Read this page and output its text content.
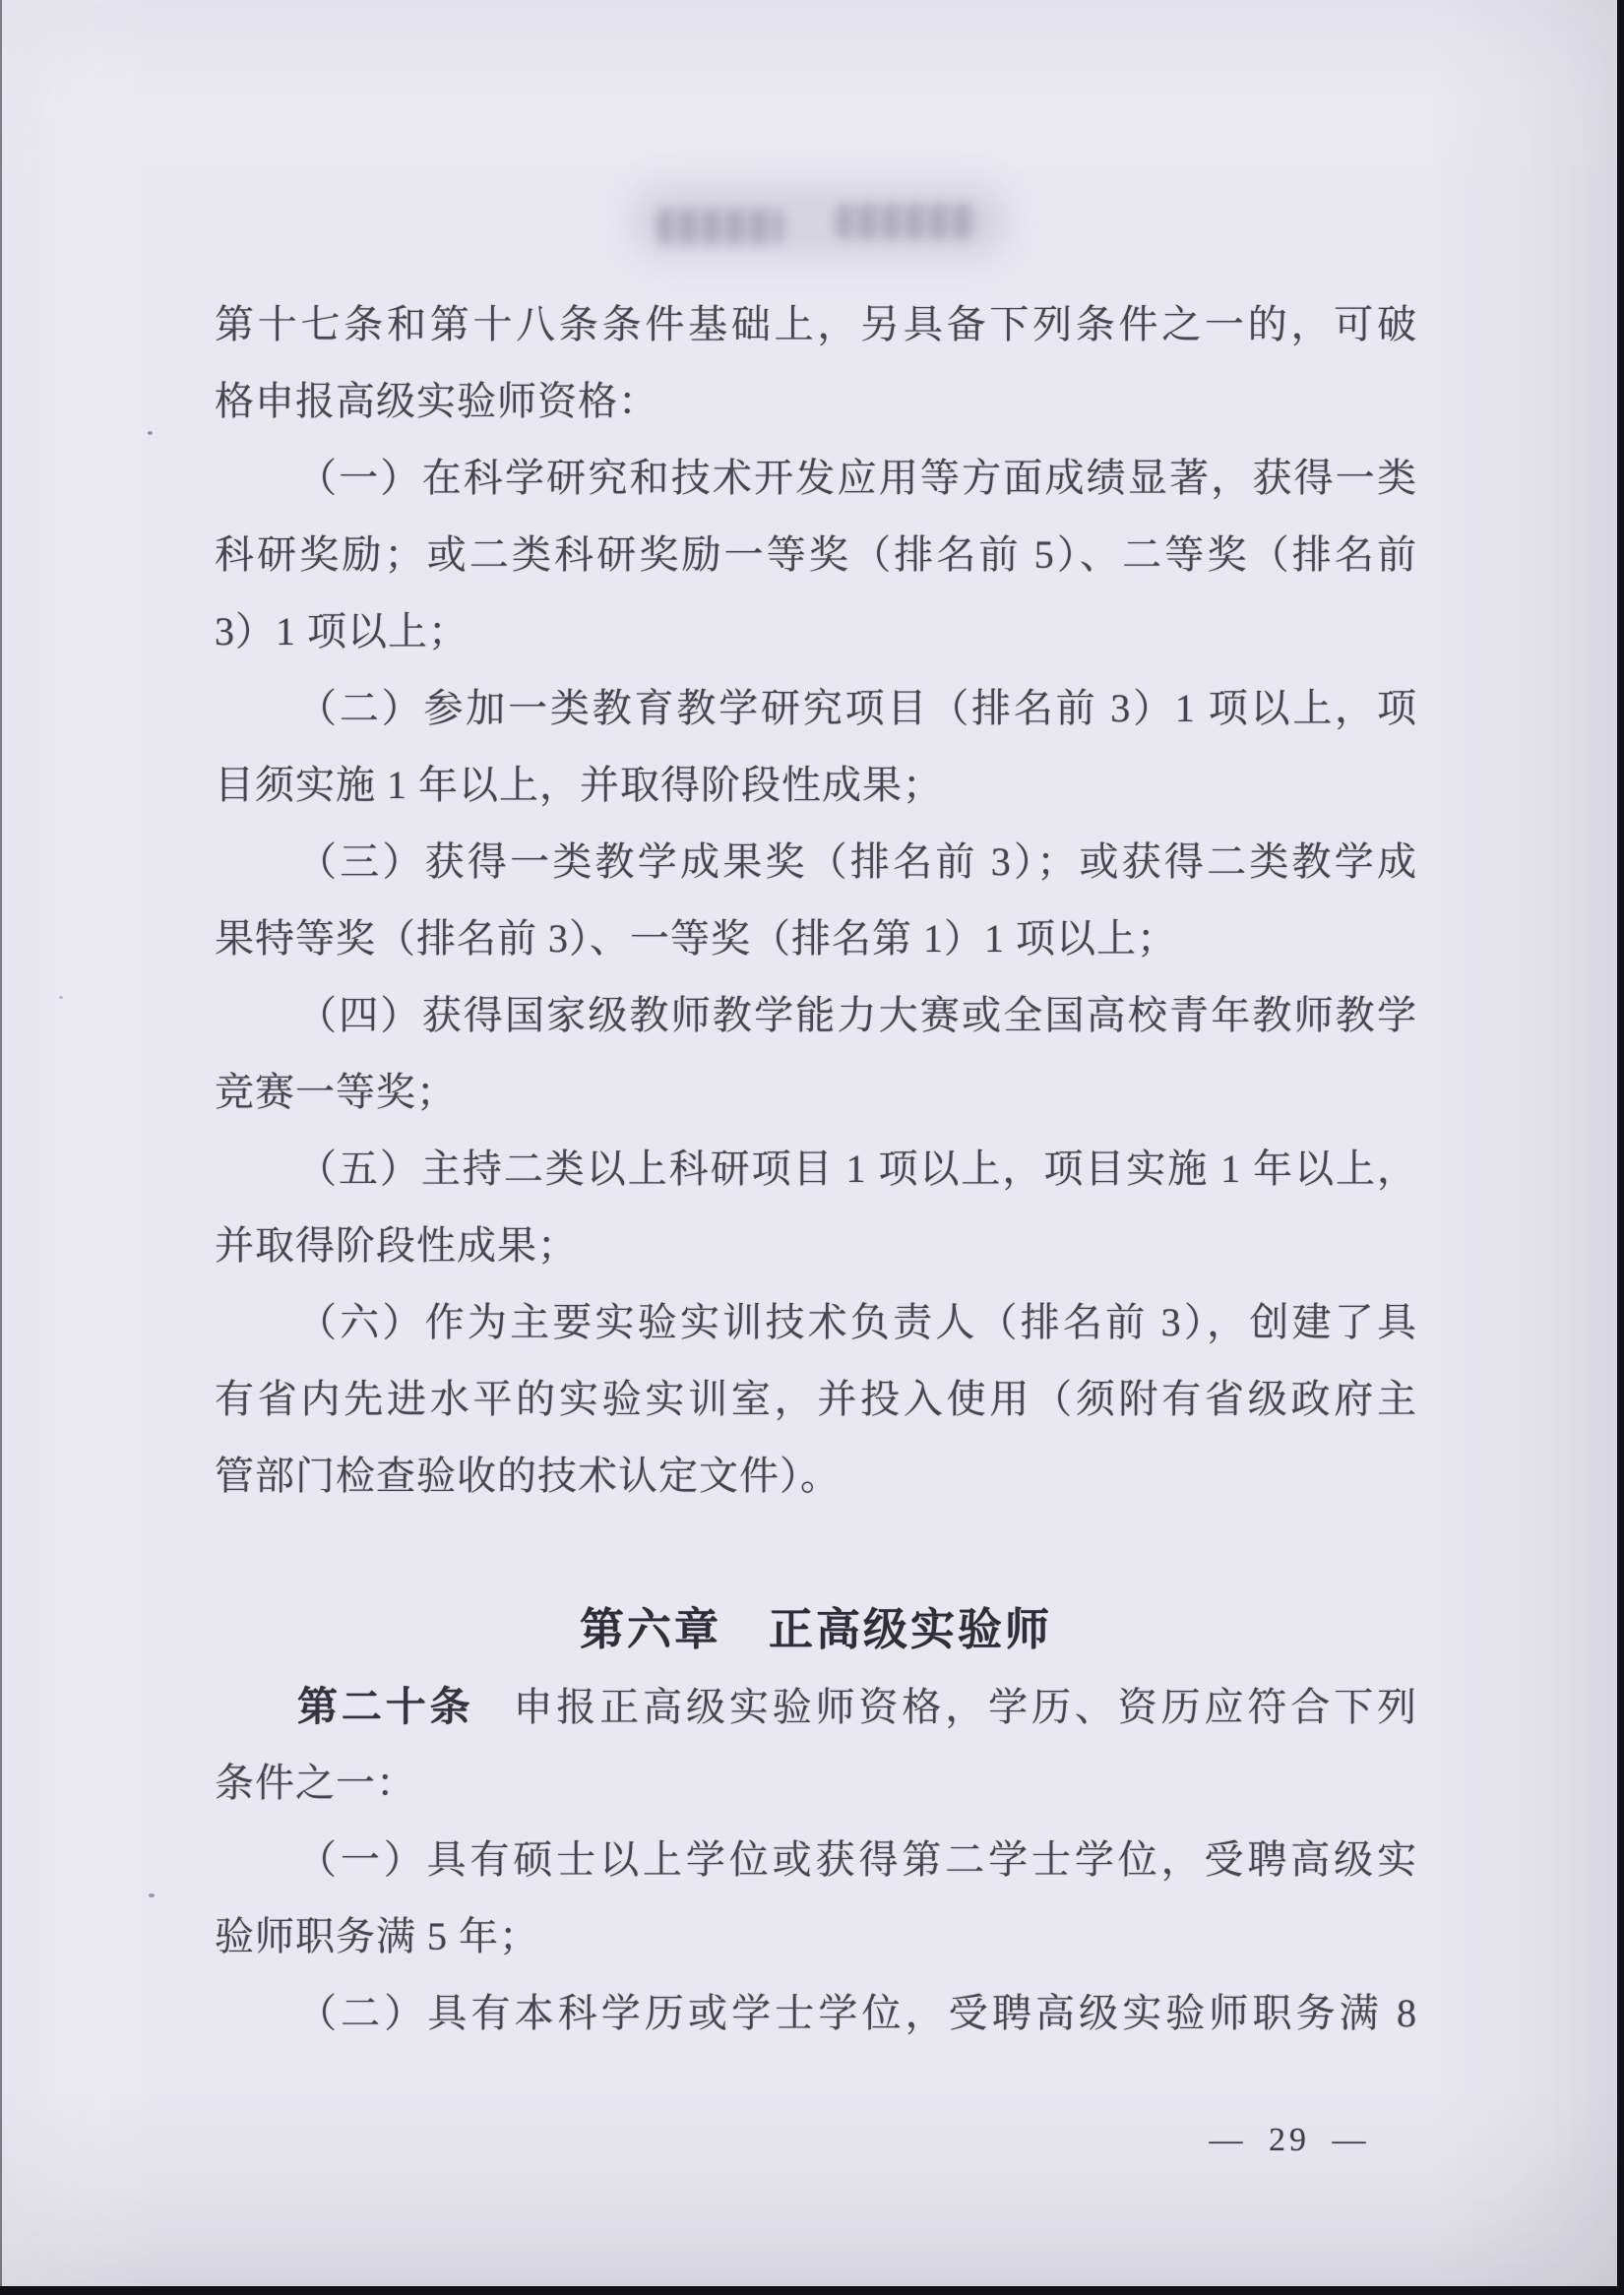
第十七条和第十八条条件基础上，另具备下列条件之一的，可破
格申报高级实验师资格：
（一）在科学研究和技术开发应用等方面成绩显著，获得一类
科研奖励；或二类科研奖励一等奖（排名前 5）、二等奖（排名前
3）1 项以上；
（二）参加一类教育教学研究项目（排名前 3）1 项以上，项
目须实施 1 年以上，并取得阶段性成果；
（三）获得一类教学成果奖（排名前 3）；或获得二类教学成
果特等奖（排名前 3）、一等奖（排名第 1）1 项以上；
（四）获得国家级教师教学能力大赛或全国高校青年教师教学
竞赛一等奖；
（五）主持二类以上科研项目 1 项以上，项目实施 1 年以上，
并取得阶段性成果；
（六）作为主要实验实训技术负责人（排名前 3），创建了具
有省内先进水平的实验实训室，并投入使用（须附有省级政府主
管部门检查验收的技术认定文件）。
第六章　正高级实验师
第二十条 申报正高级实验师资格，学历、资历应符合下列
条件之一：
（一）具有硕士以上学位或获得第二学士学位，受聘高级实
验师职务满 5 年；
（二）具有本科学历或学士学位，受聘高级实验师职务满 8
— 29 —
